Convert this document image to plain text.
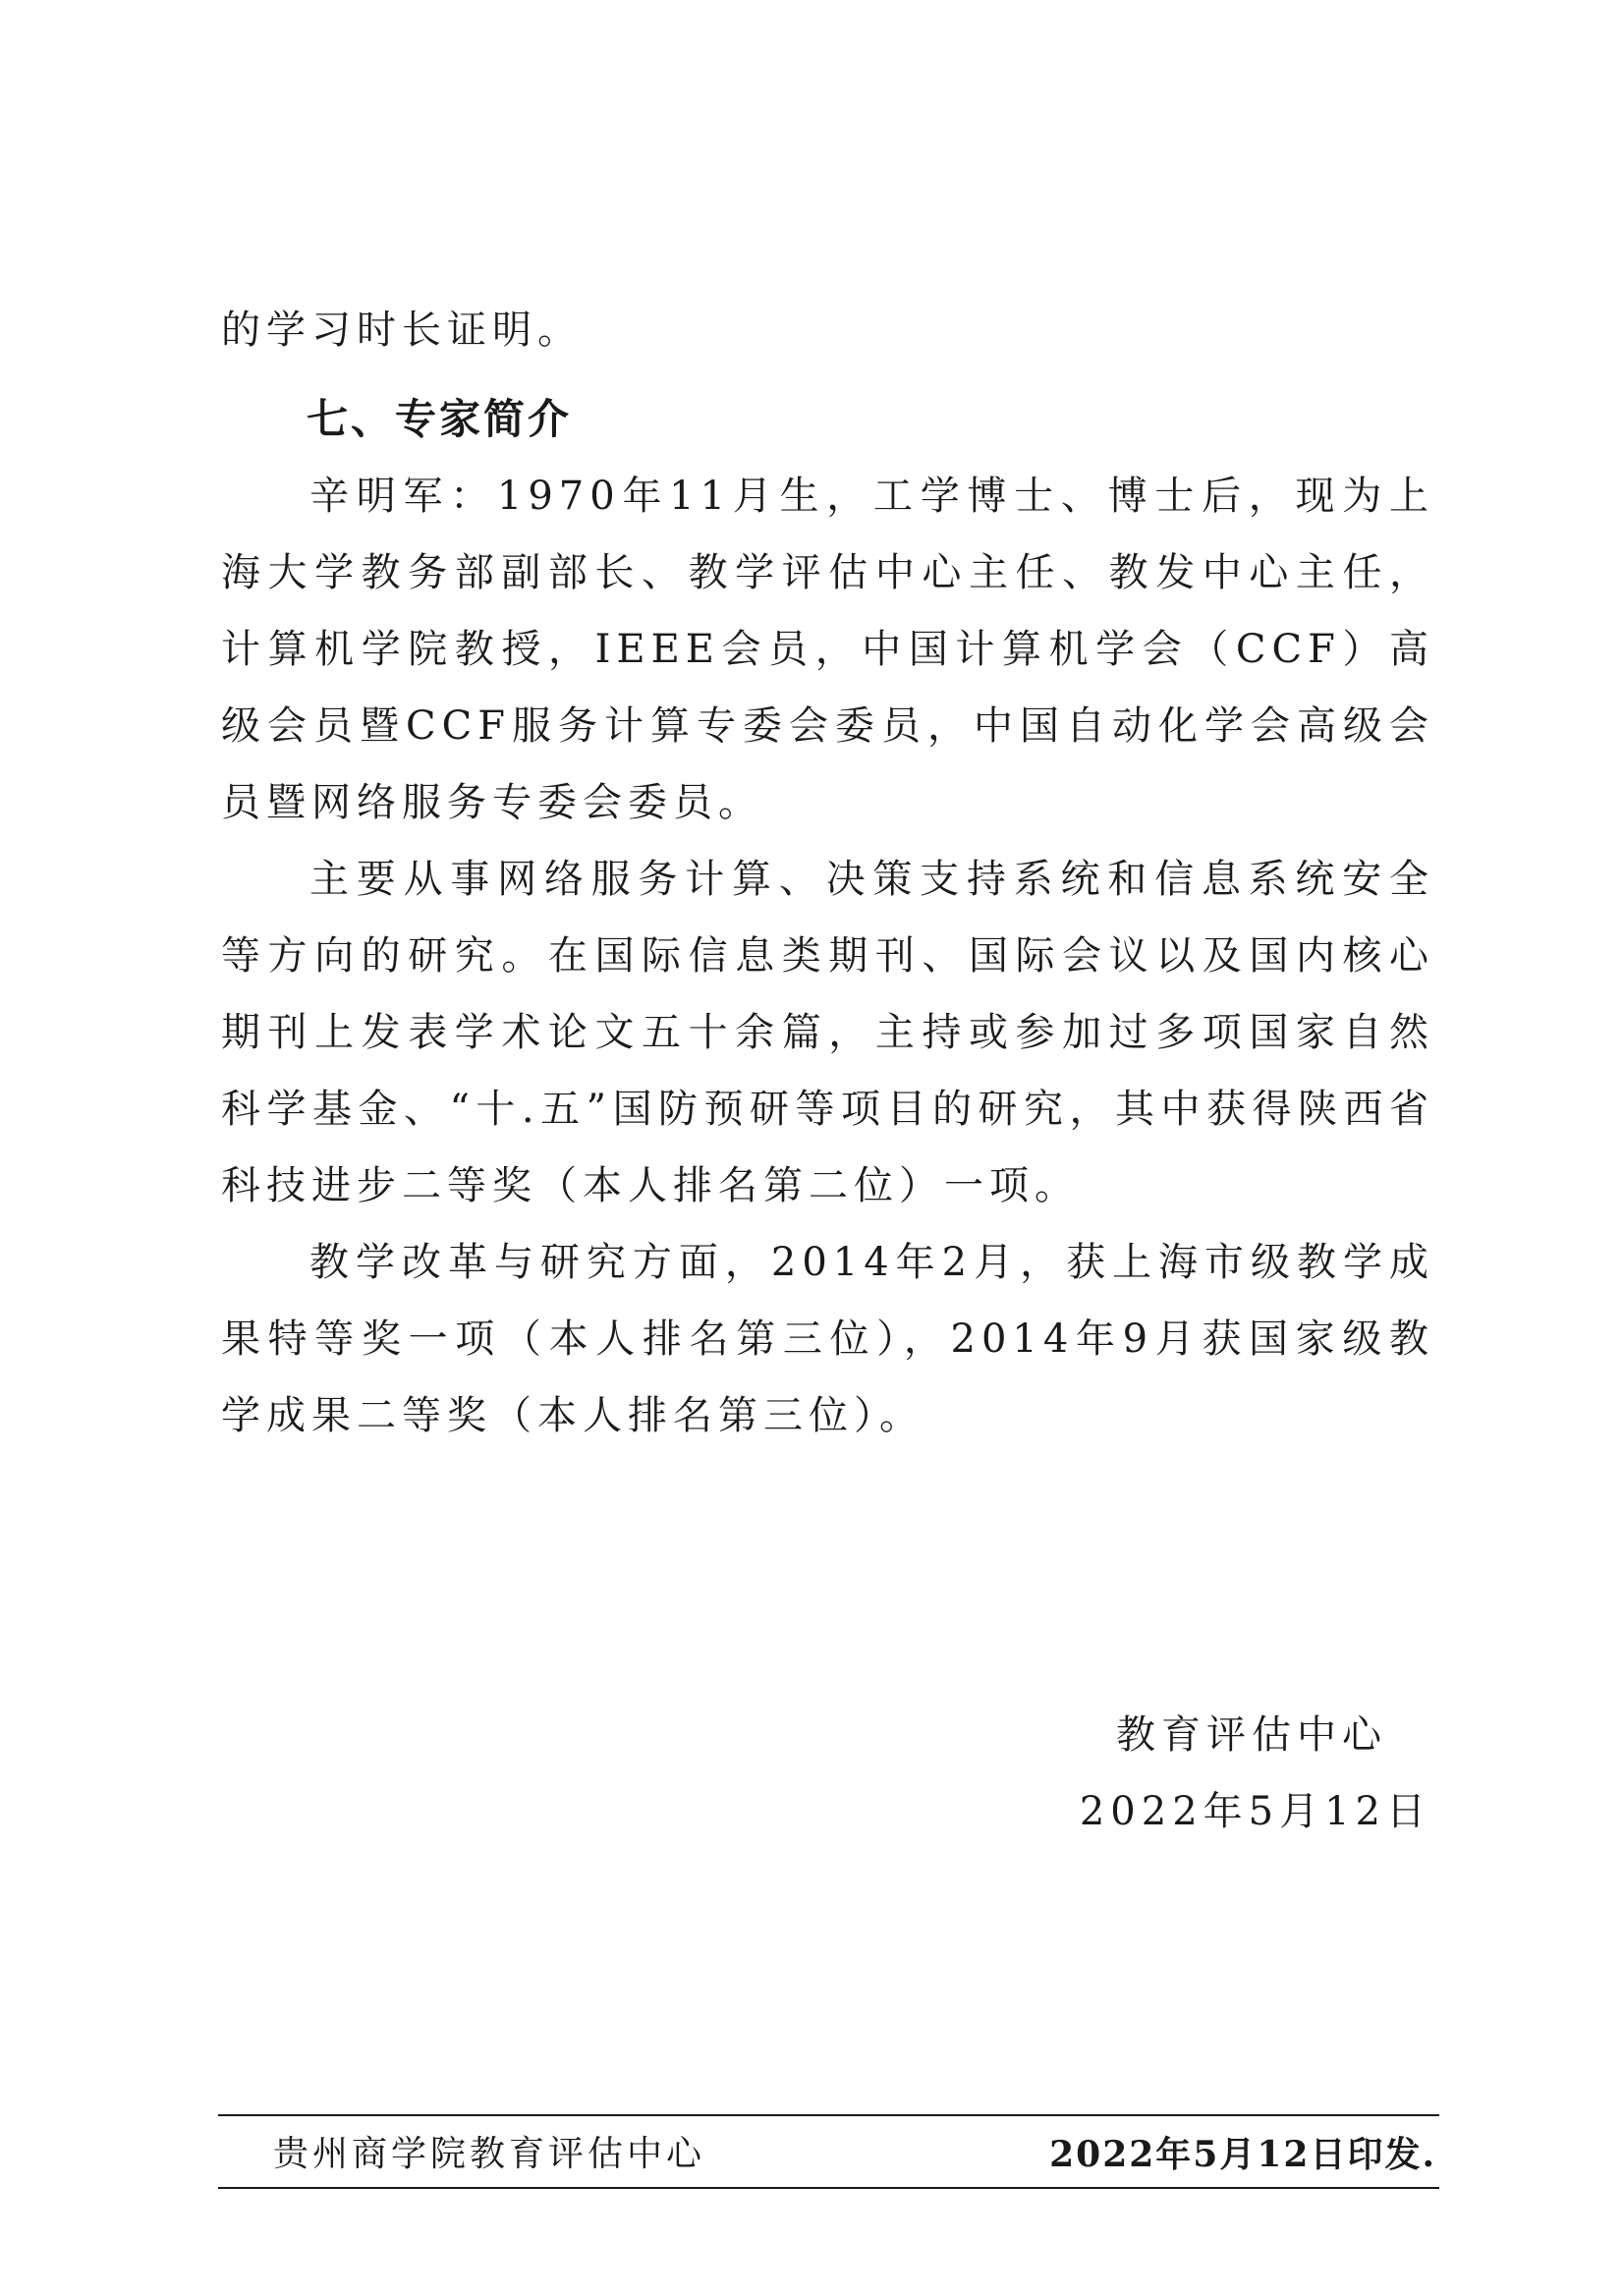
的学习时长证明。

七、专家简介

辛明军：1970年11月生，工学博士、博士后，现为上海大学教务部副部长、教学评估中心主任、教发中心主任，计算机学院教授，IEEE会员，中国计算机学会（CCF）高级会员暨CCF服务计算专委会委员，中国自动化学会高级会员暨网络服务专委会委员。

主要从事网络服务计算、决策支持系统和信息系统安全等方向的研究。在国际信息类期刊、国际会议以及国内核心期刊上发表学术论文五十余篇，主持或参加过多项国家自然科学基金、“十.五”国防预研等项目的研究，其中获得陕西省科技进步二等奖（本人排名第二位）一项。

教学改革与研究方面，2014年2月，获上海市级教学成果特等奖一项（本人排名第三位），2014年9月获国家级教学成果二等奖（本人排名第三位）。

教育评估中心

2022年5月12日

贵州商学院教育评估中心	2022年5月12日印发.
